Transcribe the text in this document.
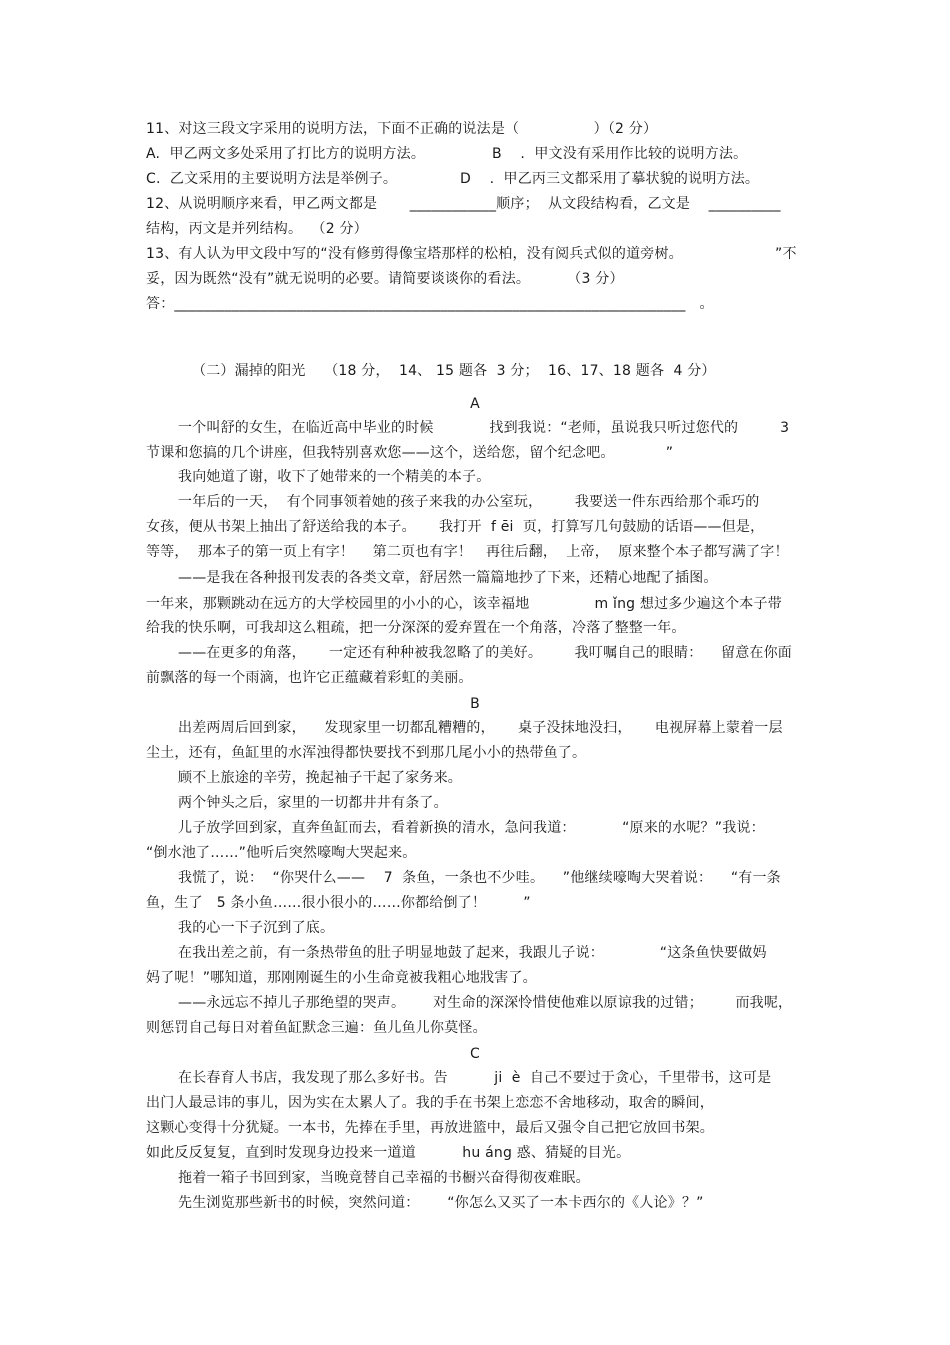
11、对这三段文字采用的说明方法，下面不正确的说法是（                ）（2 分）
A.  甲乙两文多处采用了打比方的说明方法。	B    .  甲文没有采用作比较的说明方法。
C.  乙文采用的主要说明方法是举例子。	D    .  甲乙丙三文都采用了摹状貌的说明方法。
12、从说明顺序来看，甲乙两文都是       ____________顺序；  从文段结构看，乙文是    __________
结构，丙文是并列结构。  （2 分）
13、有人认为甲文段中写的“没有修剪得像宝塔那样的松柏，没有阅兵式似的道旁树。	”不
妥，因为既然“没有”就无说明的必要。请简要谈谈你的看法。        （3 分）
答：_______________________________________________________________________   。
（二）漏掉的阳光    （18 分，  14、 15 题各  3 分；  16、17、18 题各  4 分）
A
一个叫舒的女生，在临近高中毕业的时候            找到我说：“老师，虽说我只听过您代的         3
节课和您搞的几个讲座，但我特别喜欢您——这个，送给您，留个纪念吧。           ”
我向她道了谢，收下了她带来的一个精美的本子。
一年后的一天，  有个同事领着她的孩子来我的办公室玩，       我要送一件东西给那个乖巧的
女孩，便从书架上抽出了舒送给我的本子。     我打开  f ēi  页，打算写几句鼓励的话语——但是，
等等，  那本子的第一页上有字！    第二页也有字！   再往后翻，  上帝，  原来整个本子都写满了字！
——是我在各种报刊发表的各类文章，舒居然一篇篇地抄了下来，还精心地配了插图。
一年来，那颗跳动在远方的大学校园里的小小的心，该幸福地              m ǐng 想过多少遍这个本子带
给我的快乐啊，可我却这么粗疏，把一分深深的爱弃置在一个角落，冷落了整整一年。
——在更多的角落，     一定还有种种被我忽略了的美好。       我叮嘱自己的眼睛：    留意在你面
前飘落的每一个雨滴，也许它正蕴藏着彩虹的美丽。
B
出差两周后回到家，    发现家里一切都乱糟糟的，     桌子没抹地没扫，     电视屏幕上蒙着一层
尘土，还有，鱼缸里的水浑浊得都快要找不到那几尾小小的热带鱼了。
顾不上旅途的辛劳，挽起袖子干起了家务来。
两个钟头之后，家里的一切都井井有条了。
儿子放学回到家，直奔鱼缸而去，看着新换的清水，急问我道：          “原来的水呢？”我说：
“倒水池了……”他听后突然嚎啕大哭起来。
我慌了，说：  “你哭什么——    7  条鱼，一条也不少哇。    ”他继续嚎啕大哭着说：    “有一条
鱼，生了   5 条小鱼……很小很小的……你都给倒了！        ”
我的心一下子沉到了底。
在我出差之前，有一条热带鱼的肚子明显地鼓了起来，我跟儿子说：            “这条鱼快要做妈
妈了呢！”哪知道，那刚刚诞生的小生命竟被我粗心地戕害了。
——永远忘不掉儿子那绝望的哭声。      对生命的深深怜惜使他难以原谅我的过错；       而我呢，
则惩罚自己每日对着鱼缸默念三遍：鱼儿鱼儿你莫怪。
C
在长春育人书店，我发现了那么多好书。告          ji  è  自己不要过于贪心，千里带书，这可是
出门人最忌讳的事儿，因为实在太累人了。我的手在书架上恋恋不舍地移动，取舍的瞬间，
这颗心变得十分犹疑。一本书，先捧在手里，再放进篮中，最后又强令自己把它放回书架。
如此反反复复，直到时发现身边投来一道道          hu áng 惑、猜疑的目光。
拖着一箱子书回到家，当晚竟替自己幸福的书橱兴奋得彻夜难眠。
先生浏览那些新书的时候，突然问道：      “你怎么又买了一本卡西尔的《人论》？”
